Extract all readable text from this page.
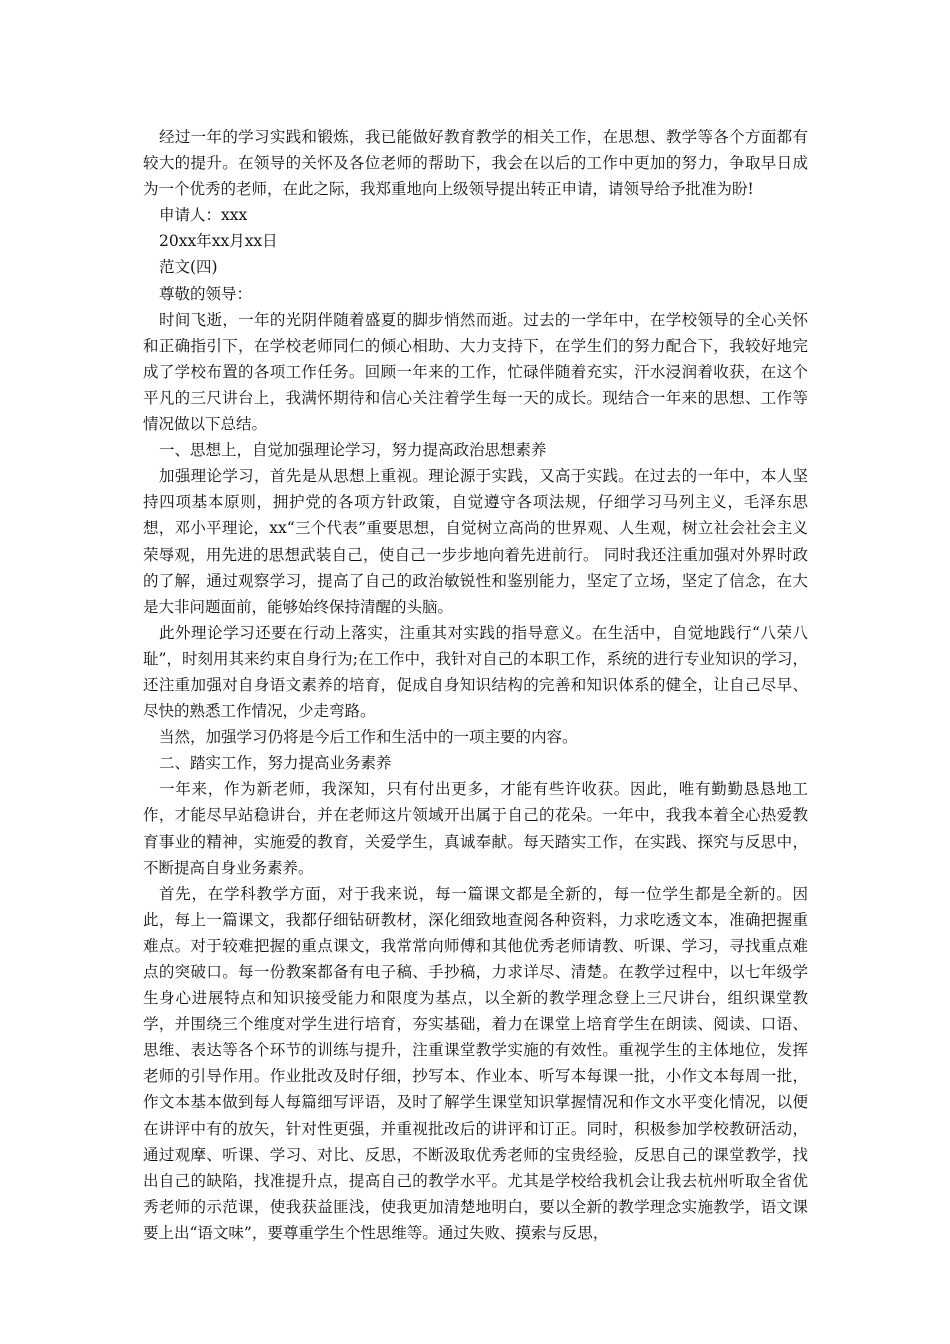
经过一年的学习实践和锻炼，我已能做好教育教学的相关工作，在思想、教学等各个方面都有较大的提升。在领导的关怀及各位老师的帮助下，我会在以后的工作中更加的努力，争取早日成为一个优秀的老师，在此之际，我郑重地向上级领导提出转正申请，请领导给予批准为盼!

申请人：xxx

20xx年xx月xx日

范文(四)

尊敬的领导：

时间飞逝，一年的光阴伴随着盛夏的脚步悄然而逝。过去的一学年中，在学校领导的全心关怀和正确指引下，在学校老师同仁的倾心相助、大力支持下，在学生们的努力配合下，我较好地完成了学校布置的各项工作任务。回顾一年来的工作，忙碌伴随着充实，汗水浸润着收获，在这个平凡的三尺讲台上，我满怀期待和信心关注着学生每一天的成长。现结合一年来的思想、工作等情况做以下总结。

一、思想上，自觉加强理论学习，努力提高政治思想素养

加强理论学习，首先是从思想上重视。理论源于实践，又高于实践。在过去的一年中，本人坚持四项基本原则，拥护党的各项方针政策，自觉遵守各项法规，仔细学习马列主义，毛泽东思想，邓小平理论，xx“三个代表”重要思想，自觉树立高尚的世界观、人生观，树立社会社会主义荣辱观，用先进的思想武装自己，使自己一步步地向着先进前行。 同时我还注重加强对外界时政的了解，通过观察学习，提高了自己的政治敏锐性和鉴别能力，坚定了立场，坚定了信念，在大是大非问题面前，能够始终保持清醒的头脑。

此外理论学习还要在行动上落实，注重其对实践的指导意义。在生活中，自觉地践行“八荣八耻”，时刻用其来约束自身行为;在工作中，我针对自己的本职工作，系统的进行专业知识的学习，还注重加强对自身语文素养的培育，促成自身知识结构的完善和知识体系的健全，让自己尽早、尽快的熟悉工作情况，少走弯路。

当然，加强学习仍将是今后工作和生活中的一项主要的内容。

二、踏实工作，努力提高业务素养

一年来，作为新老师，我深知，只有付出更多，才能有些许收获。因此，唯有勤勤恳恳地工作，才能尽早站稳讲台，并在老师这片领域开出属于自己的花朵。一年中，我我本着全心热爱教育事业的精神，实施爱的教育，关爱学生，真诚奉献。每天踏实工作，在实践、探究与反思中，不断提高自身业务素养。

首先，在学科教学方面，对于我来说，每一篇课文都是全新的，每一位学生都是全新的。因此，每上一篇课文，我都仔细钻研教材，深化细致地查阅各种资料，力求吃透文本，准确把握重难点。对于较难把握的重点课文，我常常向师傅和其他优秀老师请教、听课、学习，寻找重点难点的突破口。每一份教案都备有电子稿、手抄稿，力求详尽、清楚。在教学过程中，以七年级学生身心进展特点和知识接受能力和限度为基点，以全新的教学理念登上三尺讲台，组织课堂教学，并围绕三个维度对学生进行培育，夯实基础，着力在课堂上培育学生在朗读、阅读、口语、思维、表达等各个环节的训练与提升，注重课堂教学实施的有效性。重视学生的主体地位，发挥老师的引导作用。作业批改及时仔细，抄写本、作业本、听写本每课一批，小作文本每周一批，作文本基本做到每人每篇细写评语，及时了解学生课堂知识掌握情况和作文水平变化情况，以便在讲评中有的放矢，针对性更强，并重视批改后的讲评和订正。同时，积极参加学校教研活动，通过观摩、听课、学习、对比、反思，不断汲取优秀老师的宝贵经验，反思自己的课堂教学，找出自己的缺陷，找准提升点，提高自己的教学水平。尤其是学校给我机会让我去杭州听取全省优秀老师的示范课，使我获益匪浅，使我更加清楚地明白，要以全新的教学理念实施教学，语文课要上出“语文味”，要尊重学生个性思维等。通过失败、摸索与反思，
